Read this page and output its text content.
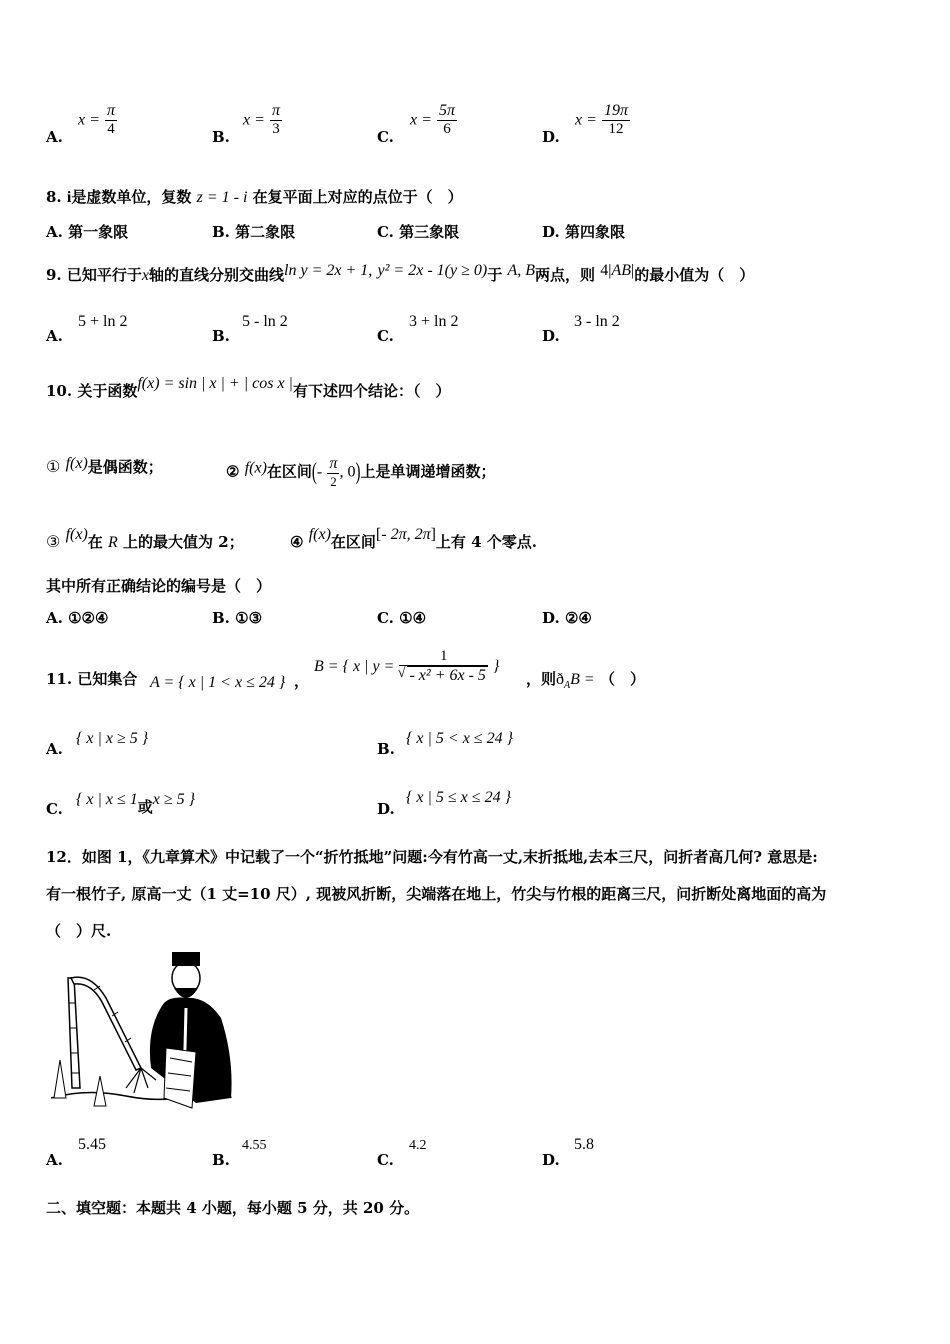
A.
$x = \frac{\pi}{4}$	B.
$x = \frac{\pi}{3}$	C.
$x = \frac{5\pi}{6}$	D.
$x = \frac{19\pi}{12}$
8. i是虚数单位，复数 z = 1 - i 在复平面上对应的点位于（　）
A. 第一象限	B. 第二象限	C. 第三象限	D. 第四象限
9. 已知平行于x轴的直线分别交曲线ln y = 2x + 1, y² = 2x - 1(y ≥ 0)于 A, B两点，则 4|AB|的最小值为（　）
A.
5 + ln 2
B.
5 - ln 2
C.
3 + ln 2
D.
3 - ln 2
10. 关于函数f(x) = sin | x | + | cos x |有下述四个结论：（　）
① f(x)是偶函数；	② f(x)在区间(- $\frac{\pi}{2}$ , 0)上是单调递增函数；
③ f(x)在 R 上的最大值为 2；	④ f(x)在区间[- 2π, 2π]上有 4 个零点.
其中所有正确结论的编号是（　）
A. ①②④	B. ①③	C. ①④	D. ②④
11. 已知集合 A = { x | 1 < x ≤ 24 } ，
B = { x | $y = \frac{1}{\text{√ - x² + 6x - 5}}$ }
，则$ð_AB$ = （　）
A.
{ x | x ≥ 5 }
B.
{ x | 5 < x ≤ 24 }
C.
{ x | x ≤ 1或x ≥ 5 }
D.
{ x | 5 ≤ x ≤ 24 }
12．如图 1，《九章算术》中记载了一个“折竹抵地”问题:今有竹高一丈,末折抵地,去本三尺，问折者高几何? 意思是:
有一根竹子, 原高一丈（1 丈=10 尺）, 现被风折断，尖端落在地上，竹尖与竹根的距离三尺，问折断处离地面的高为
（　）尺.
A.
5.45
B.
4.55
C.
4.2
D.
5.8
二、填空题：本题共 4 小题，每小题 5 分，共 20 分。
